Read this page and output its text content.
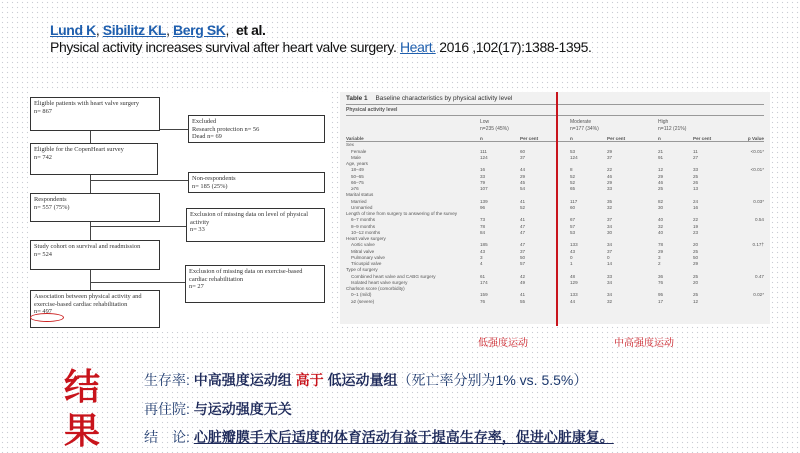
Lund K, Sibilitz KL, Berg SK,  et al.
Physical activity increases survival after heart valve surgery. Heart. 2016 ,102(17):1388-1395.
Eligible patients with heart valve surgery
n= 867
Eligible for the CopenHeart survey
n= 742
Respondents
n= 557 (75%)
Study cohort on survival and readmission
n= 524
Association between physical activity and exercise-based cardiac rehabilitation
n= 497
Excluded
Research protection n= 56
Dead n= 69
Non-respondents
n= 185 (25%)
Exclusion of missing data on level of physical activity
n= 33
Exclusion of missing data on exercise-based cardiac rehabilitation
n= 27
Table 1 Baseline characteristics by physical activity level
Physical activity level
Low
n=235 (45%)
Moderate
n=177 (34%)
High
n=112 (21%)
Variable	n	Per cent	n	Per cent	n	Per cent	p Value
Sex
Female	111	60	53	29	21	11	<0.01*
Male	124	37	124	37	91	27
Age, years
18–49	16	44	8	22	12	33	<0.01*
50–65	33	29	52	46	29	25
66–75	79	45	52	29	46	26
≥76	107	54	65	33	25	13
Marital status
Married	139	41	117	35	82	24	0.03*
Unmarried	96	52	60	32	30	16
Length of time from surgery to answering of the survey
6–7 months	73	41	67	37	40	22	0.54
8–9 months	78	47	57	34	32	19
10–12 months	84	47	53	30	40	23
Heart valve surgery
Aortic valve	185	47	133	34	78	20	0.17†
Mitral valve	43	37	43	37	29	25
Pulmonary valve	3	50	0	0	3	50
Tricuspid valve	4	57	1	14	2	29
Type of surgery
Combined heart valve and CABG surgery	61	42	48	33	36	25	0.47
Isolated heart valve surgery	174	49	129	34	76	20
Charlson score (comorbidity)
0–1 (mild)	159	41	133	34	95	25	0.02*
≥2 (severe)	76	55	44	32	17	12
低强度运动	中高强度运动
结果
生存率: 中高强度运动组 高于 低运动量组（死亡率分别为1% vs. 5.5%）
再住院: 与运动强度无关
结　论: 心脏瓣膜手术后适度的体育活动有益于提高生存率，促进心脏康复。
